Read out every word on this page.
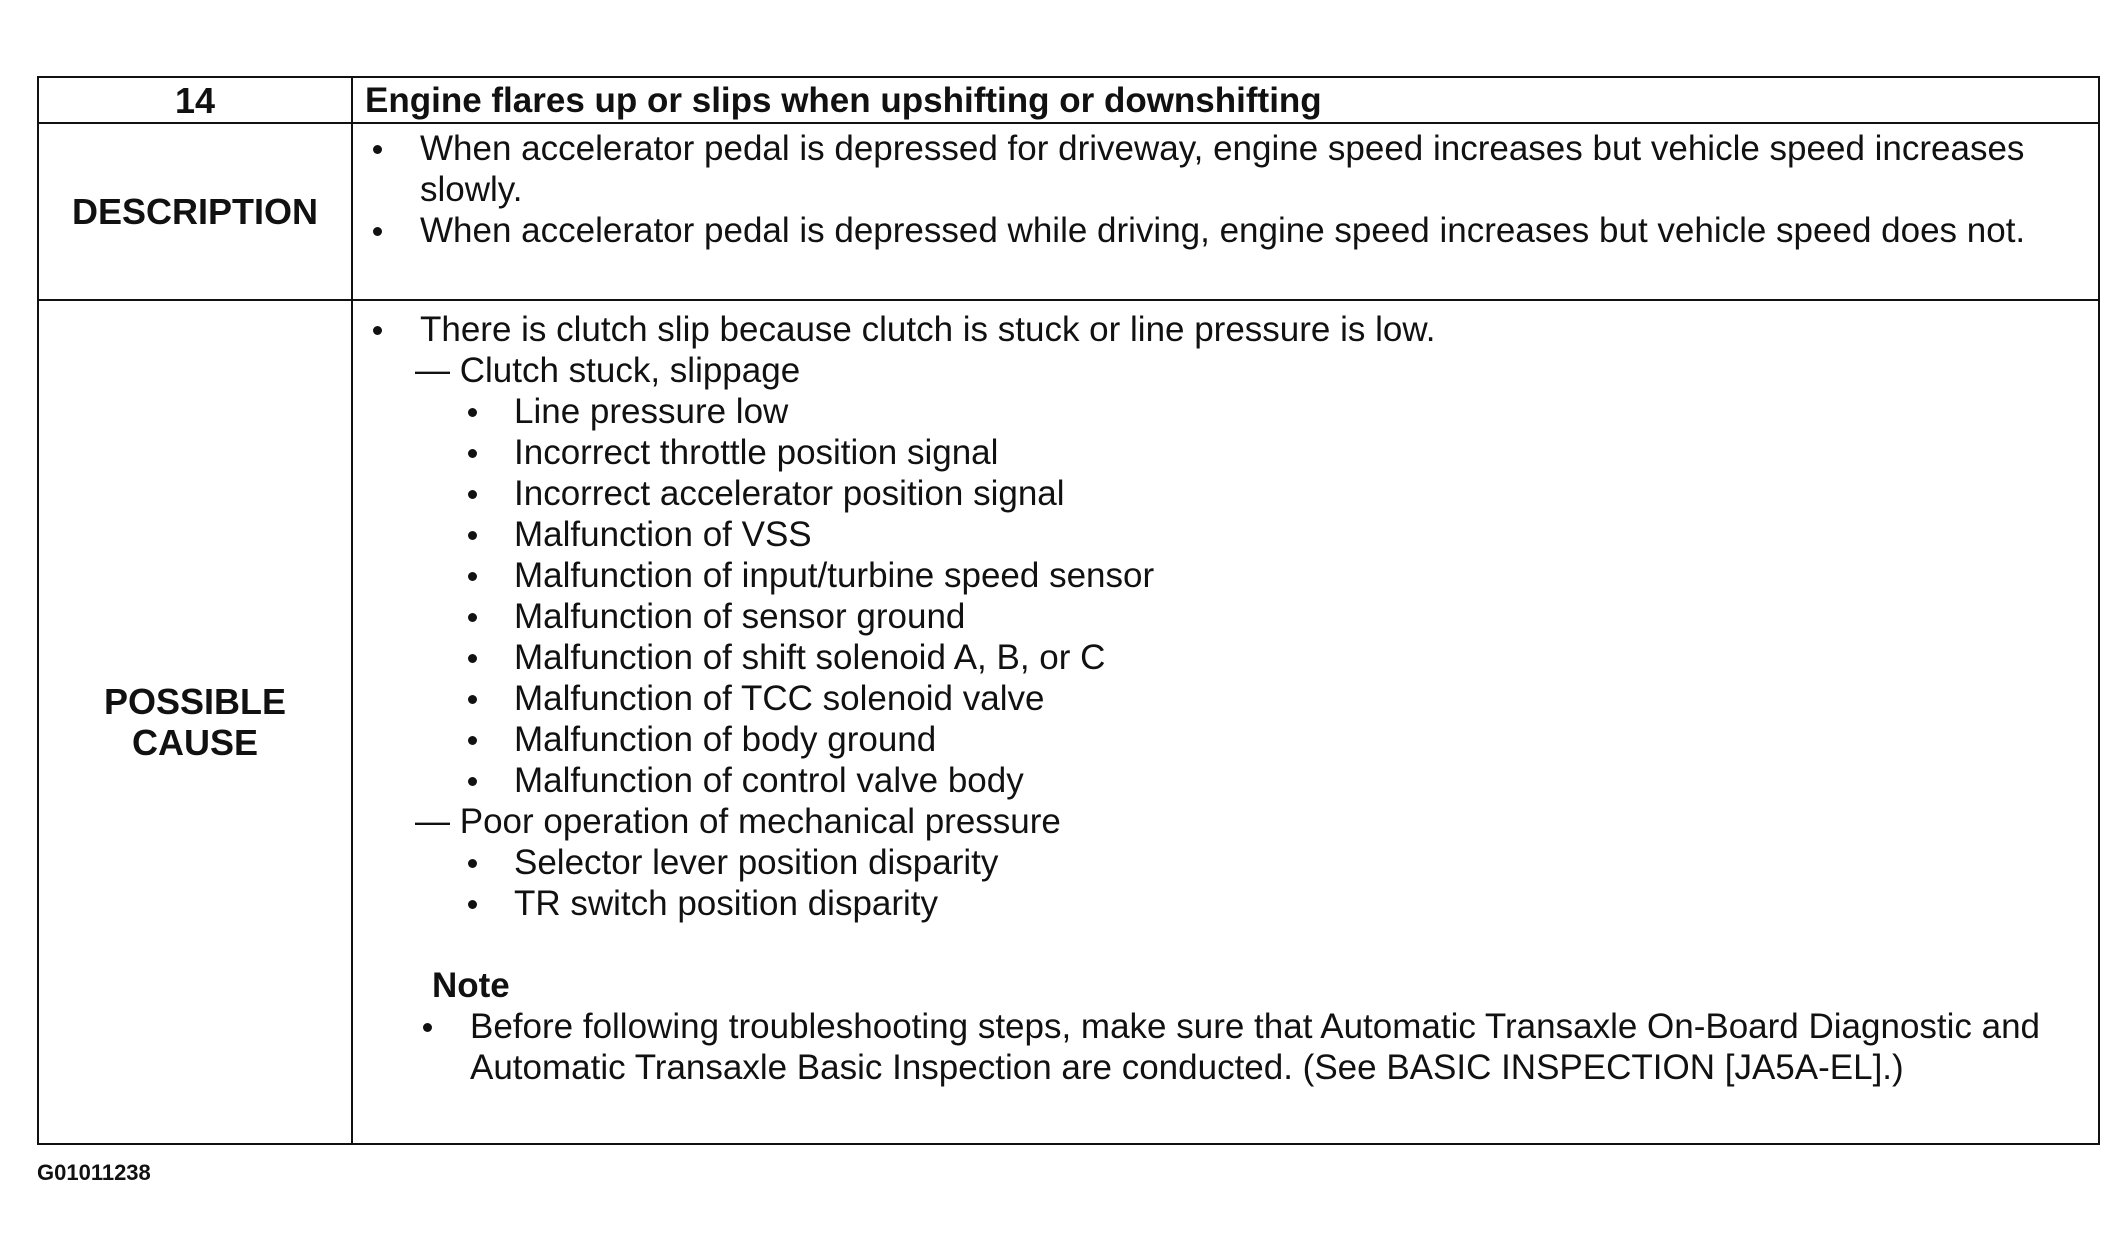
14	Engine flares up or slips when upshifting or downshifting
DESCRIPTION
When accelerator pedal is depressed for driveway, engine speed increases but vehicle speed increases slowly.
When accelerator pedal is depressed while driving, engine speed increases but vehicle speed does not.
POSSIBLE
CAUSE
There is clutch slip because clutch is stuck or line pressure is low.
— Clutch stuck, slippage
Line pressure low
Incorrect throttle position signal
Incorrect accelerator position signal
Malfunction of VSS
Malfunction of input/turbine speed sensor
Malfunction of sensor ground
Malfunction of shift solenoid A, B, or C
Malfunction of TCC solenoid valve
Malfunction of body ground
Malfunction of control valve body
— Poor operation of mechanical pressure
Selector lever position disparity
TR switch position disparity
Note
Before following troubleshooting steps, make sure that Automatic Transaxle On-Board Diagnostic and Automatic Transaxle Basic Inspection are conducted. (See BASIC INSPECTION [JA5A-EL].)
G01011238
